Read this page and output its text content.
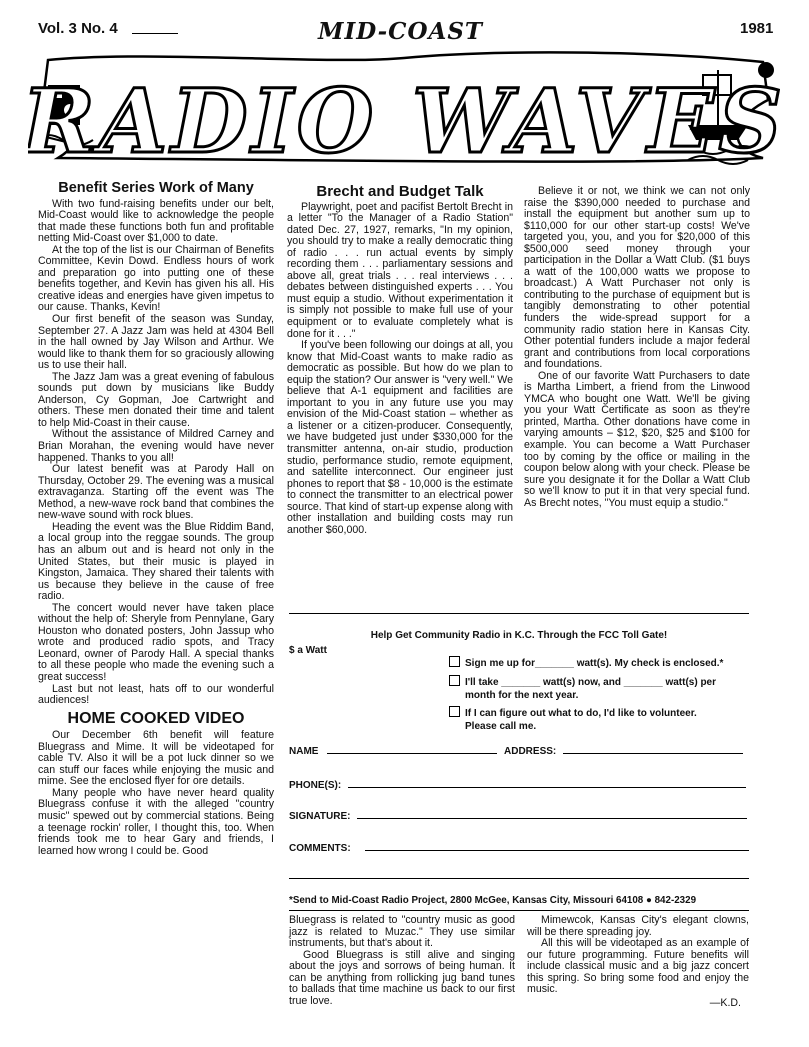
Vol. 3 No. 4	1981
MID-COAST
RADIO WAVES
Benefit Series Work of Many

With two fund-raising benefits under our belt, Mid-Coast would like to acknowledge the people that made these functions both fun and profitable netting Mid-Coast over $1,000 to date.

At the top of the list is our Chairman of Benefits Committee, Kevin Dowd. Endless hours of work and preparation go into putting one of these benefits together, and Kevin has given his all. His creative ideas and energies have given impetus to our cause. Thanks, Kevin!

Our first benefit of the season was Sunday, September 27. A Jazz Jam was held at 4304 Bell in the hall owned by Jay Wilson and Arthur. We would like to thank them for so graciously allowing us to use their hall.

The Jazz Jam was a great evening of fabulous sounds put down by musicians like Buddy Anderson, Cy Gopman, Joe Cartwright and others. These men donated their time and talent to help Mid-Coast in their cause.

Without the assistance of Mildred Carney and Brian Morahan, the evening would have never happened. Thanks to you all!

Our latest benefit was at Parody Hall on Thursday, October 29. The evening was a musical extravaganza. Starting off the event was The Method, a new-wave rock band that combines the new-wave sound with rock blues.

Heading the event was the Blue Riddim Band, a local group into the reggae sounds. The group has an album out and is heard not only in the United States, but their music is played in Kingston, Jamaica. They shared their talents with us because they believe in the cause of free radio.

The concert would never have taken place without the help of: Sheryle from Pennylane, Gary Houston who donated posters, John Jassup who wrote and produced radio spots, and Tracy Leonard, owner of Parody Hall. A special thanks to all these people who made the evening such a great success!

Last but not least, hats off to our wonderful audiences!

HOME COOKED VIDEO

Our December 6th benefit will feature Bluegrass and Mime. It will be videotaped for cable TV. Also it will be a pot luck dinner so we can stuff our faces while enjoying the music and mime. See the enclosed flyer for ore details.

Many people who have never heard quality Bluegrass confuse it with the alleged "country music" spewed out by commercial stations. Being a teenage rockin' roller, I thought this, too. When friends took me to hear Gary and friends, I learned how wrong I could be. Good

Brecht and Budget Talk

Playwright, poet and pacifist Bertolt Brecht in a letter "To the Manager of a Radio Station" dated Dec. 27, 1927, remarks, "In my opinion, you should try to make a really democratic thing of radio . . . run actual events by simply recording them . . . parliamentary sessions and above all, great trials . . . real interviews . . . debates between distinguished experts . . . You must equip a studio. Without experimentation it is simply not possible to make full use of your equipment or to evaluate completely what is done for it . . ."

If you've been following our doings at all, you know that Mid-Coast wants to make radio as democratic as possible. But how do we plan to equip the station? Our answer is "very well." We believe that A-1 equipment and facilities are important to you in any future use you may envision of the Mid-Coast station – whether as a listener or a citizen-producer. Consequently, we have budgeted just under $330,000 for the transmitter antenna, on-air studio, production studio, performance studio, remote equipment, and satellite interconnect. Our engineer just phones to report that $8 - 10,000 is the estimate to connect the transmitter to an electrical power source. That kind of start-up expense along with other installation and building costs may run another $60,000.

Believe it or not, we think we can not only raise the $390,000 needed to purchase and install the equipment but another sum up to $110,000 for our other start-up costs! We've targeted you, you, and you for $20,000 of this $500,000 seed money through your participation in the Dollar a Watt Club. ($1 buys a watt of the 100,000 watts we propose to broadcast.) A Watt Purchaser not only is contributing to the purchase of equipment but is tangibly demonstrating to other potential funders the wide-spread support for a community radio station here in Kansas City. Other potential funders include a major federal grant and contributions from local corporations and foundations.

One of our favorite Watt Purchasers to date is Martha Limbert, a friend from the Linwood YMCA who bought one Watt. We'll be giving you your Watt Certificate as soon as they're printed, Martha. Other donations have come in varying amounts – $12, $20, $25 and $100 for example. You can become a Watt Purchaser too by coming by the office or mailing in the coupon below along with your check. Please be sure you designate it for the Dollar a Watt Club so we'll know to put it in that very special fund. As Brecht notes, "You must equip a studio."

Help Get Community Radio in K.C. Through the FCC Toll Gate!
$ a Watt
Sign me up for_______ watt(s). My check is enclosed.*
I'll take _______ watt(s) now, and _______ watt(s) per
month for the next year.
If I can figure out what to do, I'd like to volunteer.
Please call me.
NAME	ADDRESS:
PHONE(S):
SIGNATURE:
COMMENTS:
*Send to Mid-Coast Radio Project, 2800 McGee, Kansas City, Missouri 64108 ● 842-2329

Bluegrass is related to "country music as good jazz is related to Muzac." They use similar instruments, but that's about it.

Good Bluegrass is still alive and singing about the joys and sorrows of being human. It can be anything from rollicking jug band tunes to ballads that time machine us back to our first true love.

Mimewcok, Kansas City's elegant clowns, will be there spreading joy.

All this will be videotaped as an example of our future programming. Future benefits will include classical music and a big jazz concert this spring. So bring some food and enjoy the music.

—K.D.
